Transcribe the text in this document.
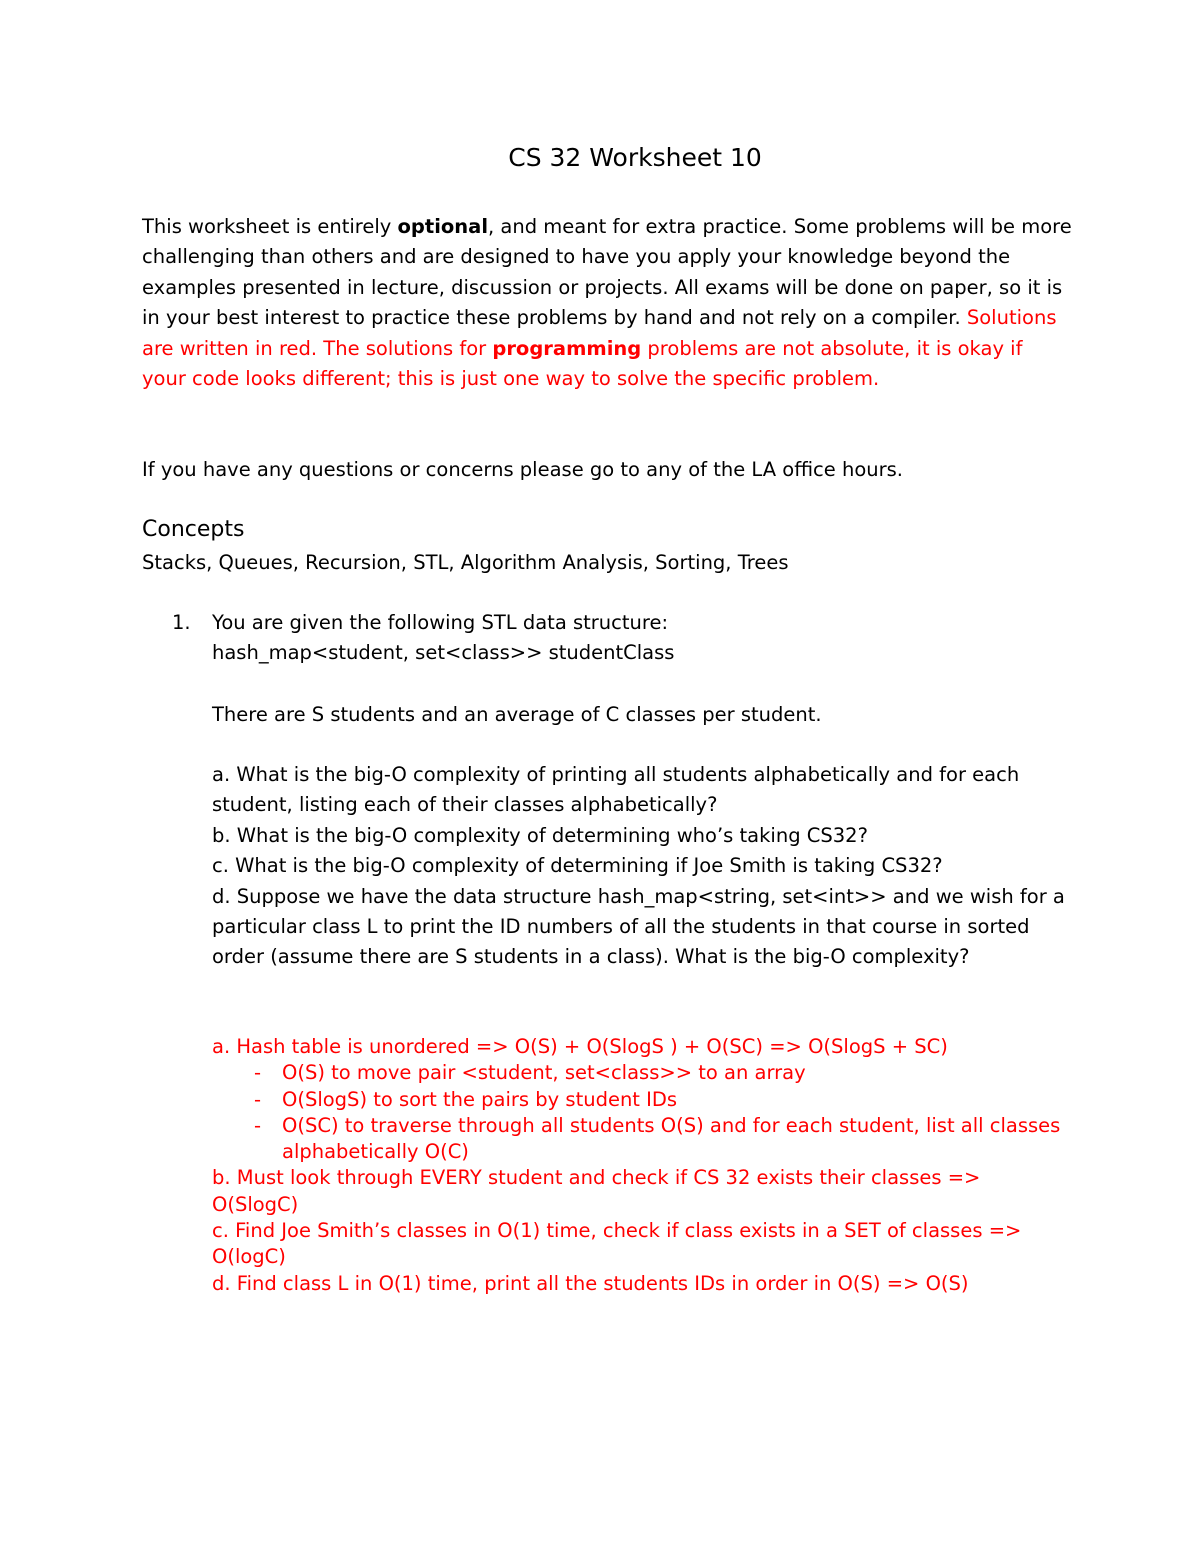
CS 32 Worksheet 10

This worksheet is entirely optional, and meant for extra practice. Some problems will be more challenging than others and are designed to have you apply your knowledge beyond the examples presented in lecture, discussion or projects. All exams will be done on paper, so it is in your best interest to practice these problems by hand and not rely on a compiler. Solutions are written in red. The solutions for programming problems are not absolute, it is okay if your code looks different; this is just one way to solve the specific problem.

If you have any questions or concerns please go to any of the LA office hours.

Concepts

Stacks, Queues, Recursion, STL, Algorithm Analysis, Sorting, Trees

1. You are given the following STL data structure:
hash_map<student, set<class>> studentClass

There are S students and an average of C classes per student.

a. What is the big-O complexity of printing all students alphabetically and for each student, listing each of their classes alphabetically?
b. What is the big-O complexity of determining who’s taking CS32?
c. What is the big-O complexity of determining if Joe Smith is taking CS32?
d. Suppose we have the data structure hash_map<string, set<int>> and we wish for a particular class L to print the ID numbers of all the students in that course in sorted order (assume there are S students in a class). What is the big-O complexity?

a. Hash table is unordered => O(S) + O(SlogS ) + O(SC) => O(SlogS + SC)
-	O(S) to move pair <student, set<class>> to an array
-	O(SlogS) to sort the pairs by student IDs
-	O(SC) to traverse through all students O(S) and for each student, list all classes alphabetically O(C)
b. Must look through EVERY student and check if CS 32 exists their classes => O(SlogC)
c. Find Joe Smith’s classes in O(1) time, check if class exists in a SET of classes => O(logC)
d. Find class L in O(1) time, print all the students IDs in order in O(S) => O(S)
